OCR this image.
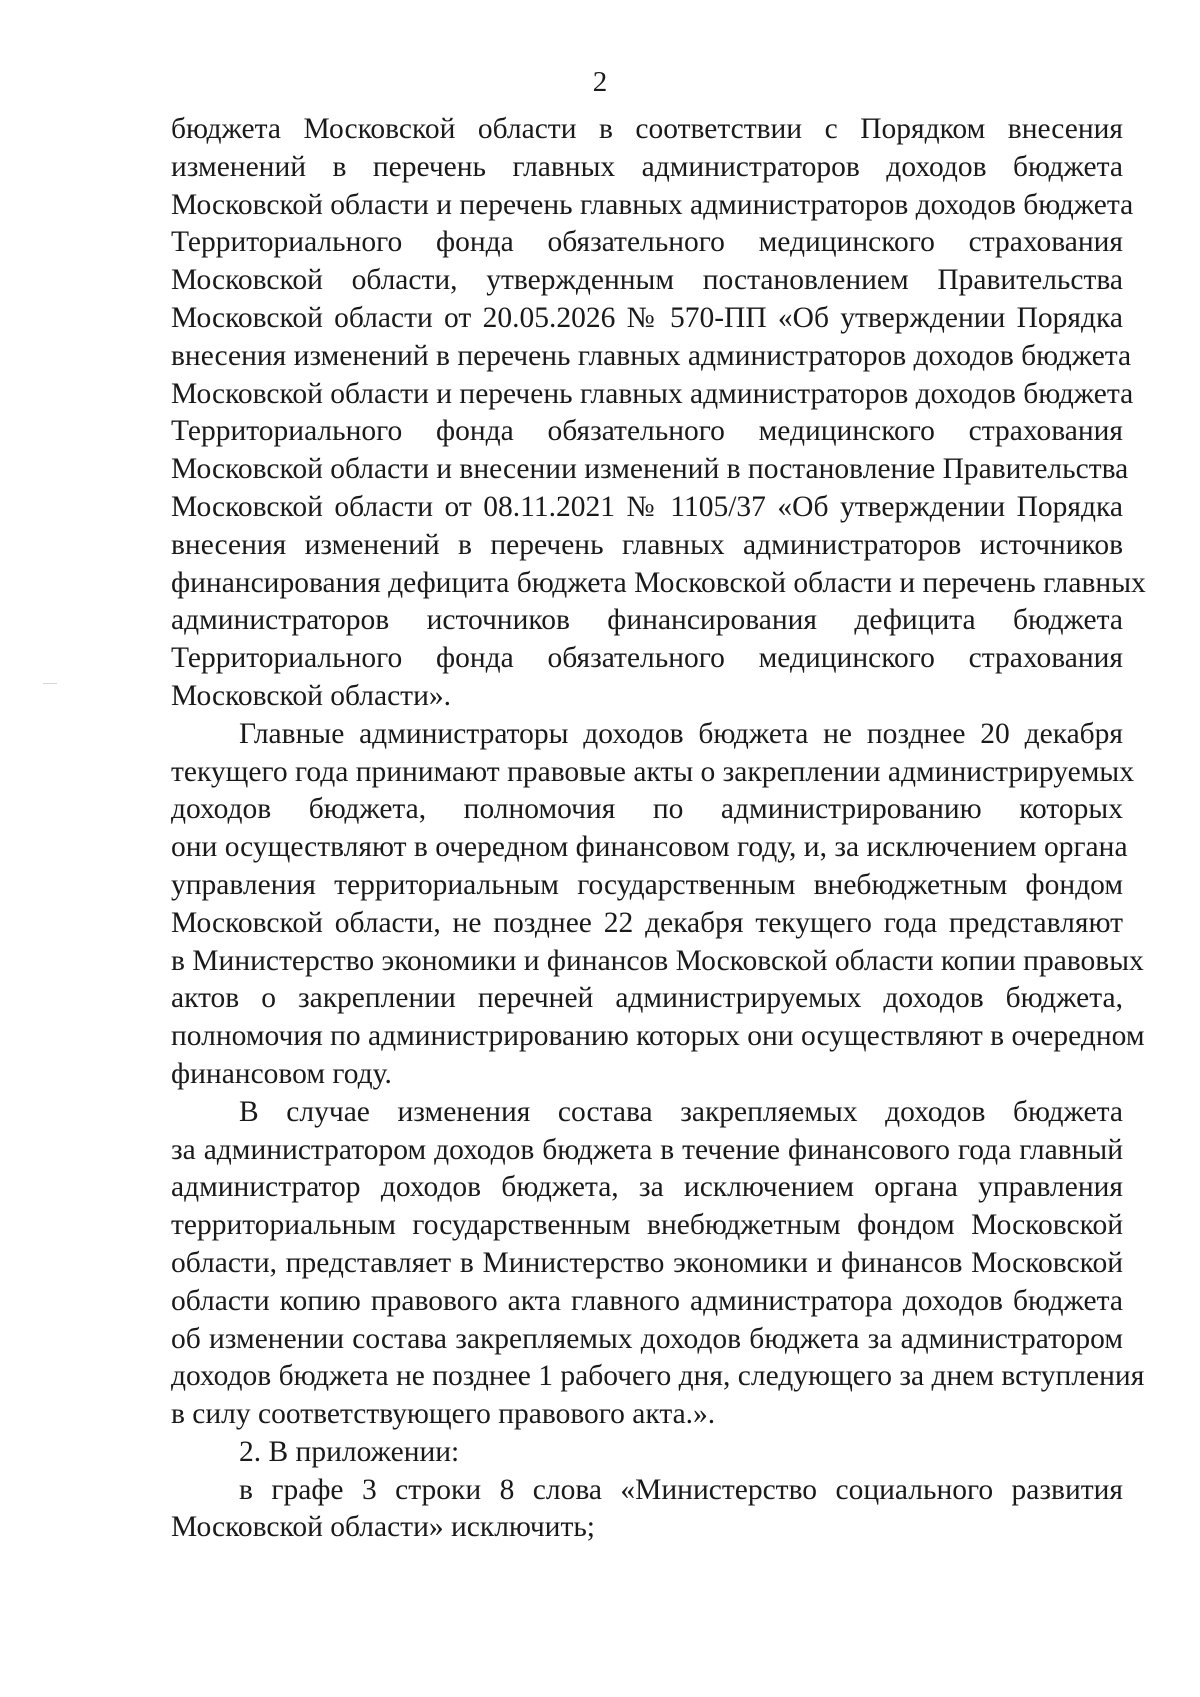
2
бюджета Московской области в соответствии с Порядком внесения
изменений в перечень главных администраторов доходов бюджета
Московской области и перечень главных администраторов доходов бюджета
Территориального фонда обязательного медицинского страхования
Московской области, утвержденным постановлением Правительства
Московской области от 20.05.2026 № 570-ПП «Об утверждении Порядка
внесения изменений в перечень главных администраторов доходов бюджета
Московской области и перечень главных администраторов доходов бюджета
Территориального фонда обязательного медицинского страхования
Московской области и внесении изменений в постановление Правительства
Московской области от 08.11.2021 № 1105/37 «Об утверждении Порядка
внесения изменений в перечень главных администраторов источников
финансирования дефицита бюджета Московской области и перечень главных
администраторов источников финансирования дефицита бюджета
Территориального фонда обязательного медицинского страхования
Московской области».
Главные администраторы доходов бюджета не позднее 20 декабря
текущего года принимают правовые акты о закреплении администрируемых
доходов бюджета, полномочия по администрированию которых
они осуществляют в очередном финансовом году, и, за исключением органа
управления территориальным государственным внебюджетным фондом
Московской области, не позднее 22 декабря текущего года представляют
в Министерство экономики и финансов Московской области копии правовых
актов о закреплении перечней администрируемых доходов бюджета,
полномочия по администрированию которых они осуществляют в очередном
финансовом году.
В случае изменения состава закрепляемых доходов бюджета
за администратором доходов бюджета в течение финансового года главный
администратор доходов бюджета, за исключением органа управления
территориальным государственным внебюджетным фондом Московской
области, представляет в Министерство экономики и финансов Московской
области копию правового акта главного администратора доходов бюджета
об изменении состава закрепляемых доходов бюджета за администратором
доходов бюджета не позднее 1 рабочего дня, следующего за днем вступления
в силу соответствующего правового акта.».
2. В приложении:
в графе 3 строки 8 слова «Министерство социального развития
Московской области» исключить;
